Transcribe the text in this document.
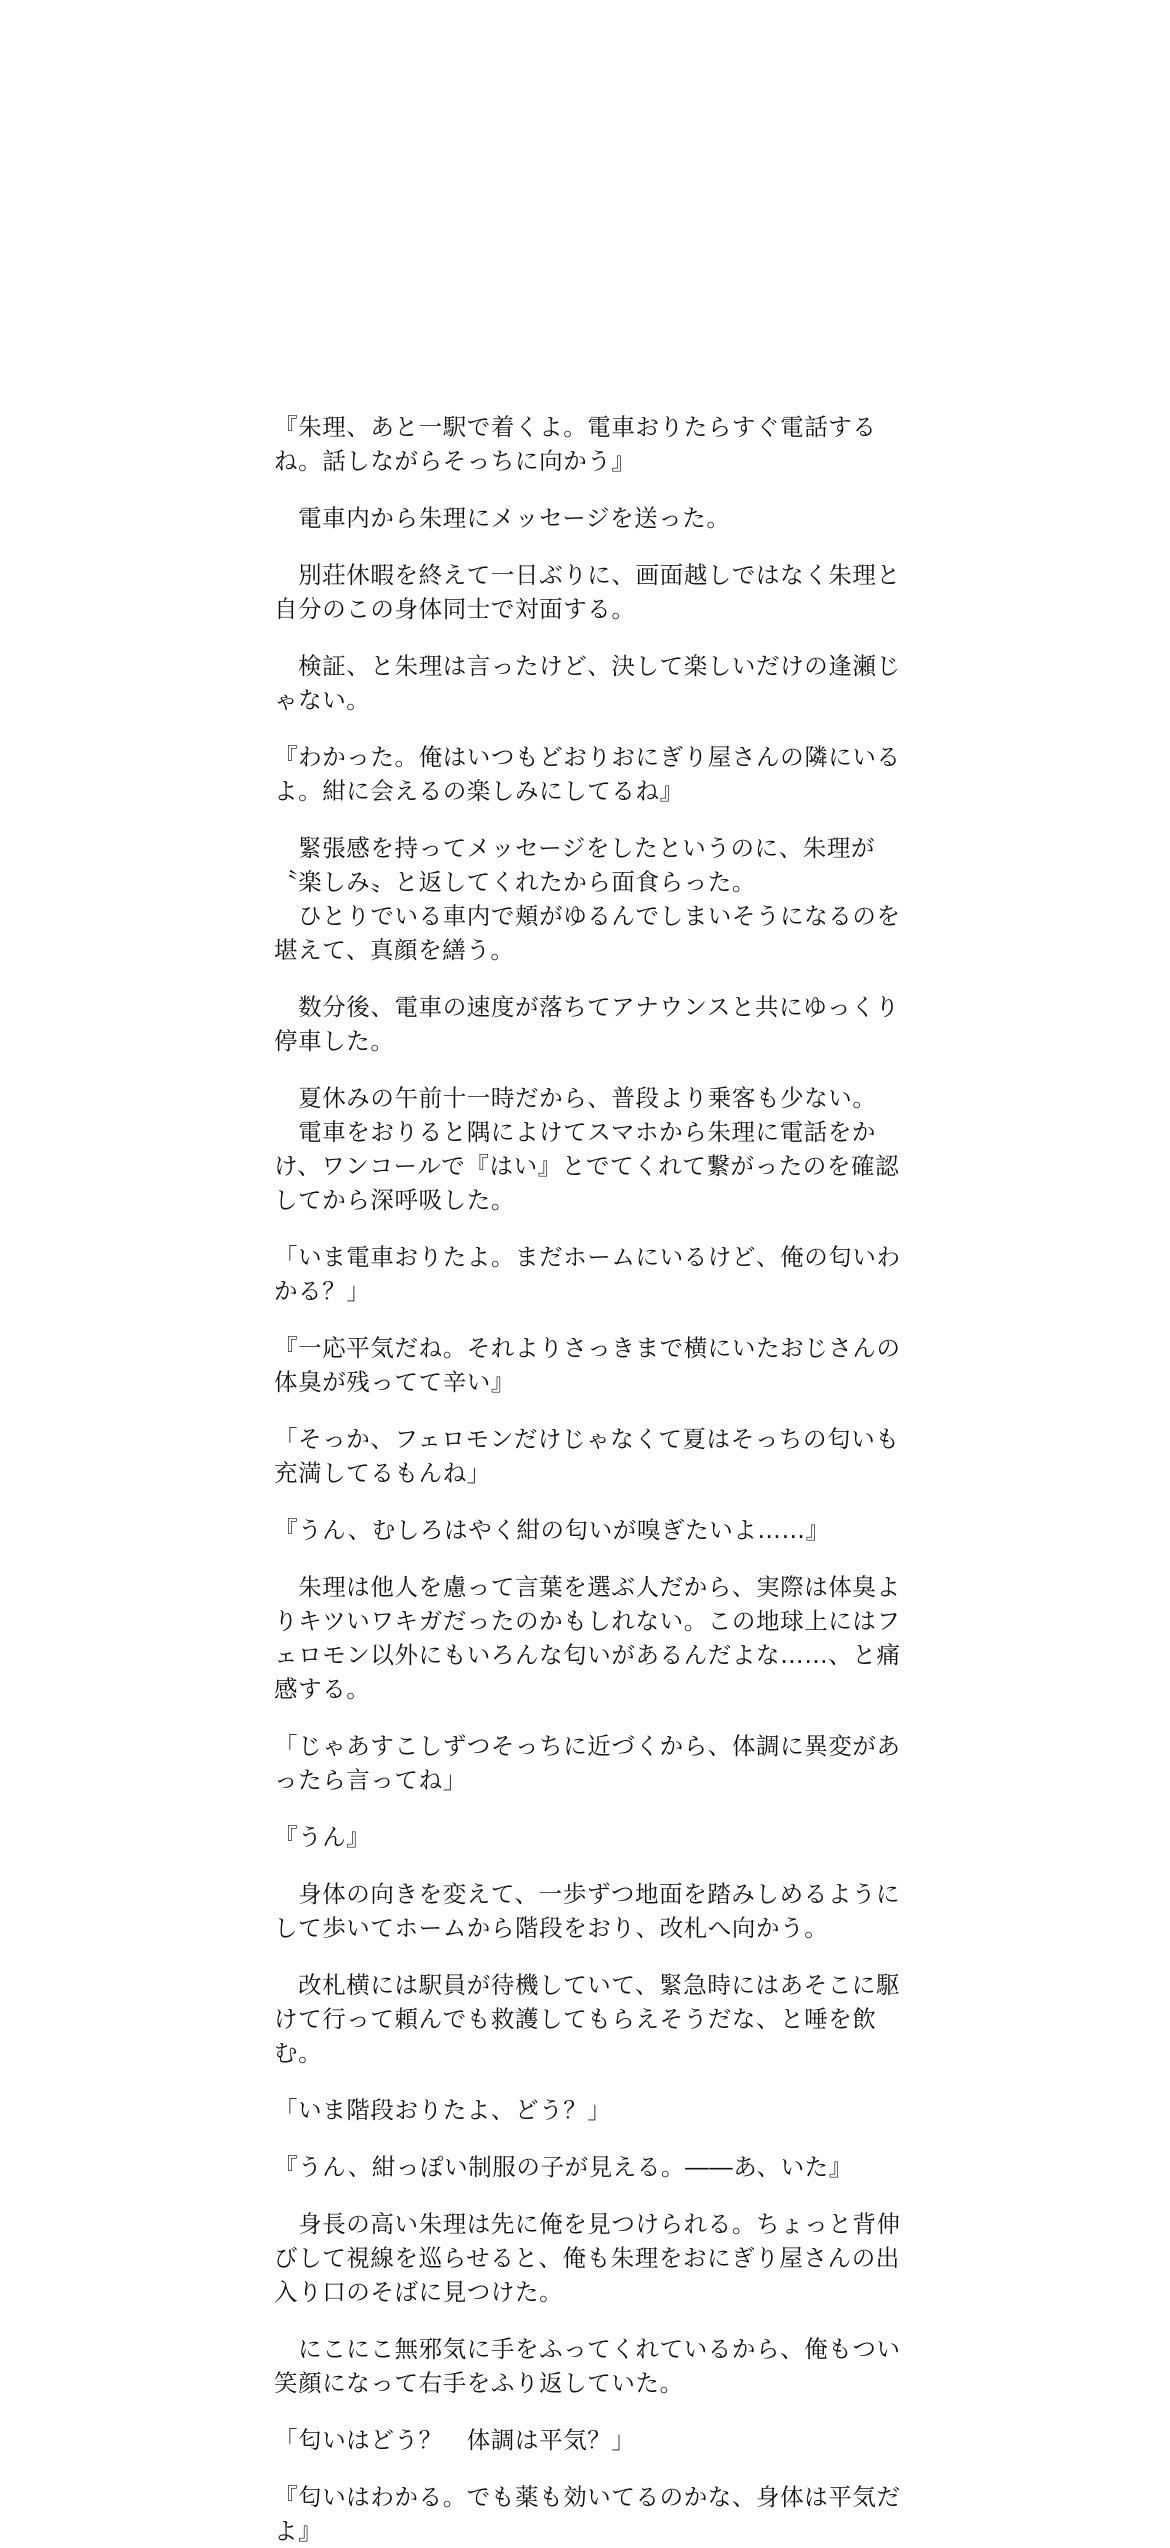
『朱理、あと一駅で着くよ。電車おりたらすぐ電話するね。話しながらそっちに向かう』

　電車内から朱理にメッセージを送った。

　別荘休暇を終えて一日ぶりに、画面越しではなく朱理と自分のこの身体同士で対面する。

　検証、と朱理は言ったけど、決して楽しいだけの逢瀬じゃない。

『わかった。俺はいつもどおりおにぎり屋さんの隣にいるよ。紺に会えるの楽しみにしてるね』

　緊張感を持ってメッセージをしたというのに、朱理が〝楽しみ〟と返してくれたから面食らった。

　ひとりでいる車内で頬がゆるんでしまいそうになるのを堪えて、真顔を繕う。

　数分後、電車の速度が落ちてアナウンスと共にゆっくり停車した。

　夏休みの午前十一時だから、普段より乗客も少ない。

　電車をおりると隅によけてスマホから朱理に電話をかけ、ワンコールで『はい』とでてくれて繋がったのを確認してから深呼吸した。

「いま電車おりたよ。まだホームにいるけど、俺の匂いわかる？」

『一応平気だね。それよりさっきまで横にいたおじさんの体臭が残ってて辛い』

「そっか、フェロモンだけじゃなくて夏はそっちの匂いも充満してるもんね」

『うん、むしろはやく紺の匂いが嗅ぎたいよ……』

　朱理は他人を慮って言葉を選ぶ人だから、実際は体臭よりキツいワキガだったのかもしれない。この地球上にはフェロモン以外にもいろんな匂いがあるんだよな……、と痛感する。

「じゃあすこしずつそっちに近づくから、体調に異変があったら言ってね」

『うん』

　身体の向きを変えて、一歩ずつ地面を踏みしめるようにして歩いてホームから階段をおり、改札へ向かう。

　改札横には駅員が待機していて、緊急時にはあそこに駆けて行って頼んでも救護してもらえそうだな、と唾を飲む。

「いま階段おりたよ、どう？」

『うん、紺っぽい制服の子が見える。――あ、いた』

　身長の高い朱理は先に俺を見つけられる。ちょっと背伸びして視線を巡らせると、俺も朱理をおにぎり屋さんの出入り口のそばに見つけた。

　にこにこ無邪気に手をふってくれているから、俺もつい笑顔になって右手をふり返していた。

「匂いはどう？　体調は平気？」

『匂いはわかる。でも薬も効いてるのかな、身体は平気だよ』
